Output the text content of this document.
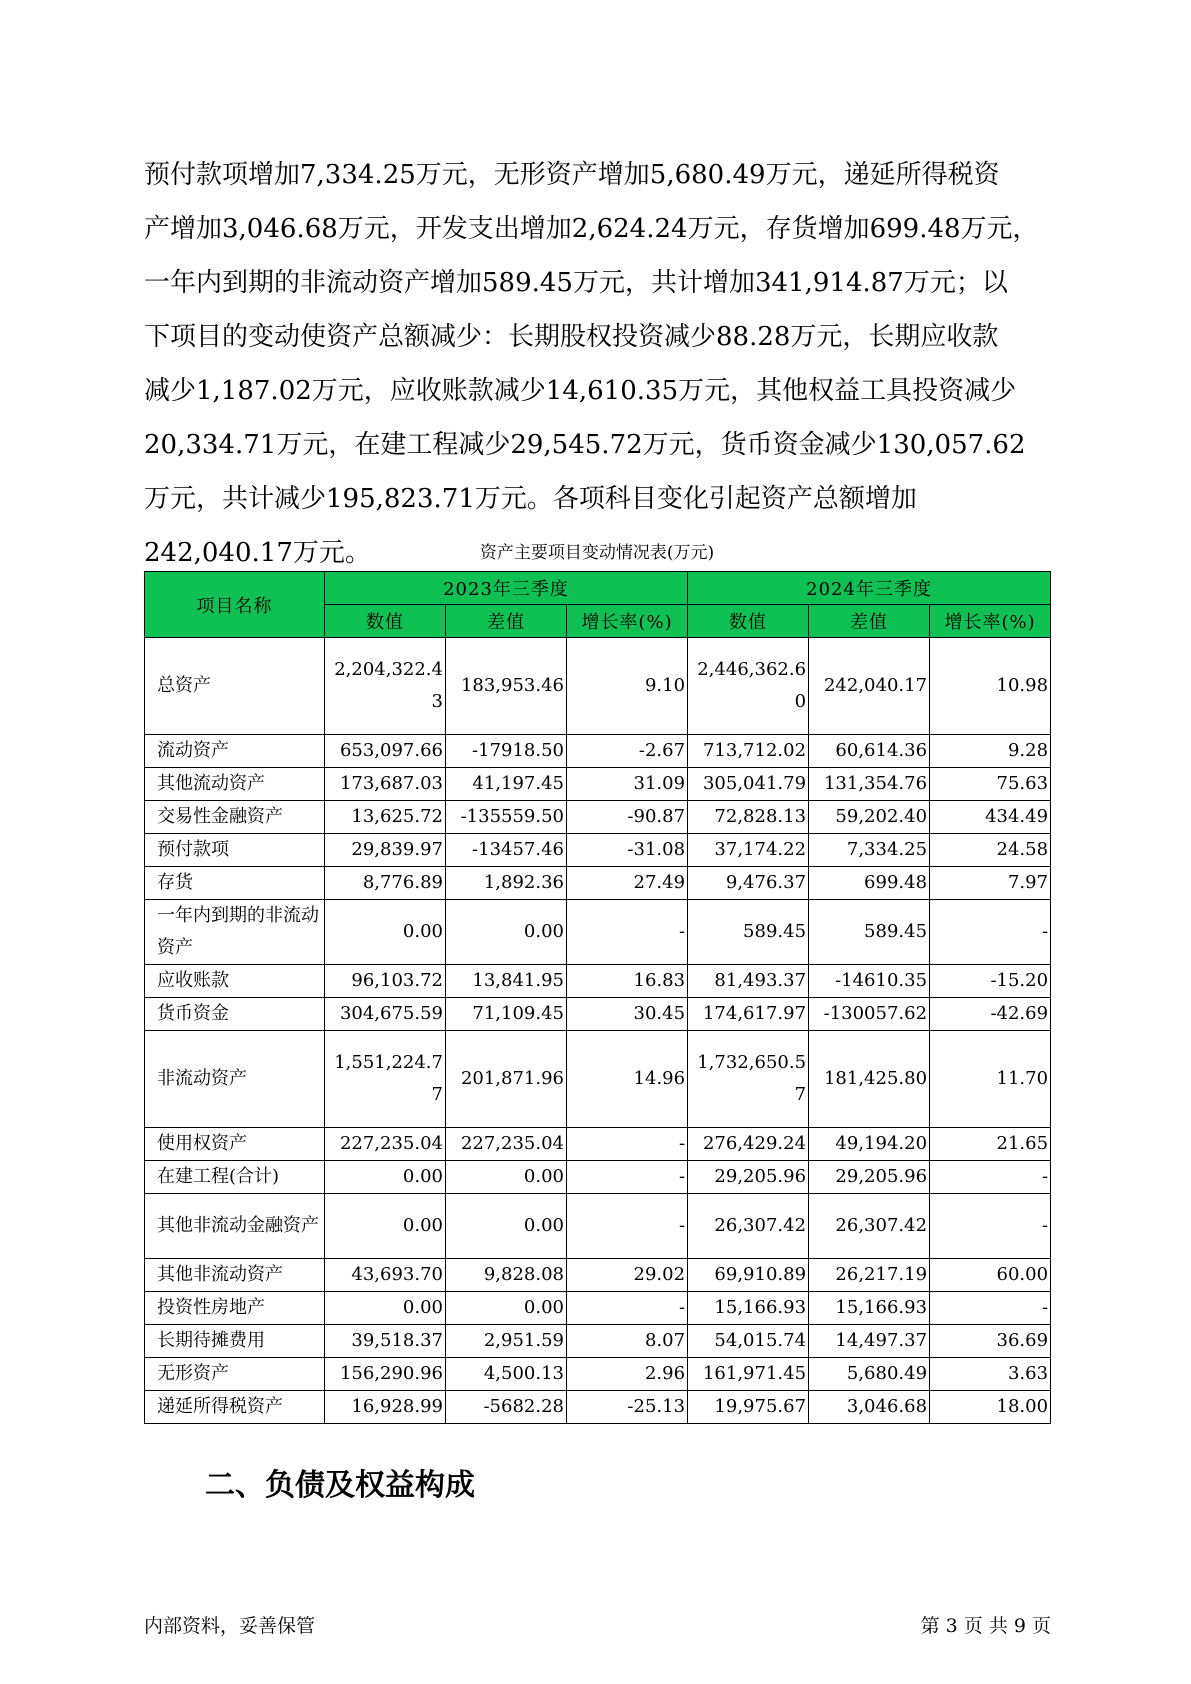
预付款项增加7,334.25万元，无形资产增加5,680.49万元，递延所得税资
产增加3,046.68万元，开发支出增加2,624.24万元，存货增加699.48万元，
一年内到期的非流动资产增加589.45万元，共计增加341,914.87万元；以
下项目的变动使资产总额减少：长期股权投资减少88.28万元，长期应收款
减少1,187.02万元，应收账款减少14,610.35万元，其他权益工具投资减少
20,334.71万元，在建工程减少29,545.72万元，货币资金减少130,057.62
万元，共计减少195,823.71万元。各项科目变化引起资产总额增加
242,040.17万元。	资产主要项目变动情况表(万元)
项目名称	2023年三季度			2024年三季度		
	数值	差值	增长率(%)	数值	差值	增长率(%)
总资产	2,204,322.43	183,953.46	9.10	2,446,362.60	242,040.17	10.98
流动资产	653,097.66	-17918.50	-2.67	713,712.02	60,614.36	9.28
其他流动资产	173,687.03	41,197.45	31.09	305,041.79	131,354.76	75.63
交易性金融资产	13,625.72	-135559.50	-90.87	72,828.13	59,202.40	434.49
预付款项	29,839.97	-13457.46	-31.08	37,174.22	7,334.25	24.58
存货	8,776.89	1,892.36	27.49	9,476.37	699.48	7.97
一年内到期的非流动资产	0.00	0.00	-	589.45	589.45	-
应收账款	96,103.72	13,841.95	16.83	81,493.37	-14610.35	-15.20
货币资金	304,675.59	71,109.45	30.45	174,617.97	-130057.62	-42.69
非流动资产	1,551,224.77	201,871.96	14.96	1,732,650.57	181,425.80	11.70
使用权资产	227,235.04	227,235.04	-	276,429.24	49,194.20	21.65
在建工程(合计)	0.00	0.00	-	29,205.96	29,205.96	-
其他非流动金融资产	0.00	0.00	-	26,307.42	26,307.42	-
其他非流动资产	43,693.70	9,828.08	29.02	69,910.89	26,217.19	60.00
投资性房地产	0.00	0.00	-	15,166.93	15,166.93	-
长期待摊费用	39,518.37	2,951.59	8.07	54,015.74	14,497.37	36.69
无形资产	156,290.96	4,500.13	2.96	161,971.45	5,680.49	3.63
递延所得税资产	16,928.99	-5682.28	-25.13	19,975.67	3,046.68	18.00
二、负债及权益构成
内部资料，妥善保管	第 3 页 共 9 页
